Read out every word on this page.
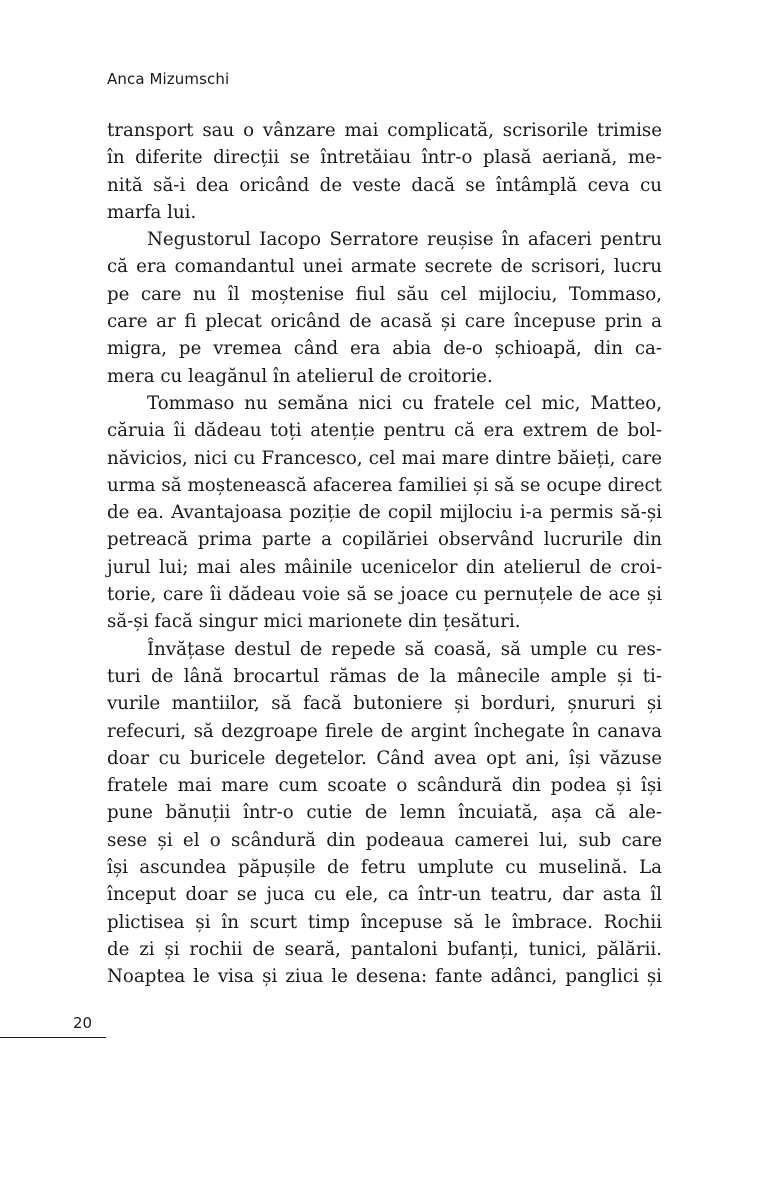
Anca Mizumschi
transport sau o vânzare mai complicată, scrisorile trimise
în diferite direcții se întretăiau într-o plasă aeriană, me-
nită să-i dea oricând de veste dacă se întâmplă ceva cu
marfa lui.
Negustorul Iacopo Serratore reușise în afaceri pentru
că era comandantul unei armate secrete de scrisori, lucru
pe care nu îl moștenise fiul său cel mijlociu, Tommaso,
care ar fi plecat oricând de acasă și care începuse prin a
migra, pe vremea când era abia de-o șchioapă, din ca-
mera cu leagănul în atelierul de croitorie.
Tommaso nu semăna nici cu fratele cel mic, Matteo,
căruia îi dădeau toți atenție pentru că era extrem de bol-
năvicios, nici cu Francesco, cel mai mare dintre băieți, care
urma să moștenească afacerea familiei și să se ocupe direct
de ea. Avantajoasa poziție de copil mijlociu i-a permis să-și
petreacă prima parte a copilăriei observând lucrurile din
jurul lui; mai ales mâinile ucenicelor din atelierul de croi-
torie, care îi dădeau voie să se joace cu pernuțele de ace și
să-și facă singur mici marionete din țesături.
Învățase destul de repede să coasă, să umple cu res-
turi de lână brocartul rămas de la mânecile ample și ti-
vurile mantiilor, să facă butoniere și borduri, șnururi și
refecuri, să dezgroape firele de argint închegate în canava
doar cu buricele degetelor. Când avea opt ani, își văzuse
fratele mai mare cum scoate o scândură din podea și își
pune bănuții într-o cutie de lemn încuiată, așa că ale-
sese și el o scândură din podeaua camerei lui, sub care
își ascundea păpușile de fetru umplute cu muselină. La
început doar se juca cu ele, ca într-un teatru, dar asta îl
plictisea și în scurt timp începuse să le îmbrace. Rochii
de zi și rochii de seară, pantaloni bufanți, tunici, pălării.
Noaptea le visa și ziua le desena: fante adânci, panglici și
20
